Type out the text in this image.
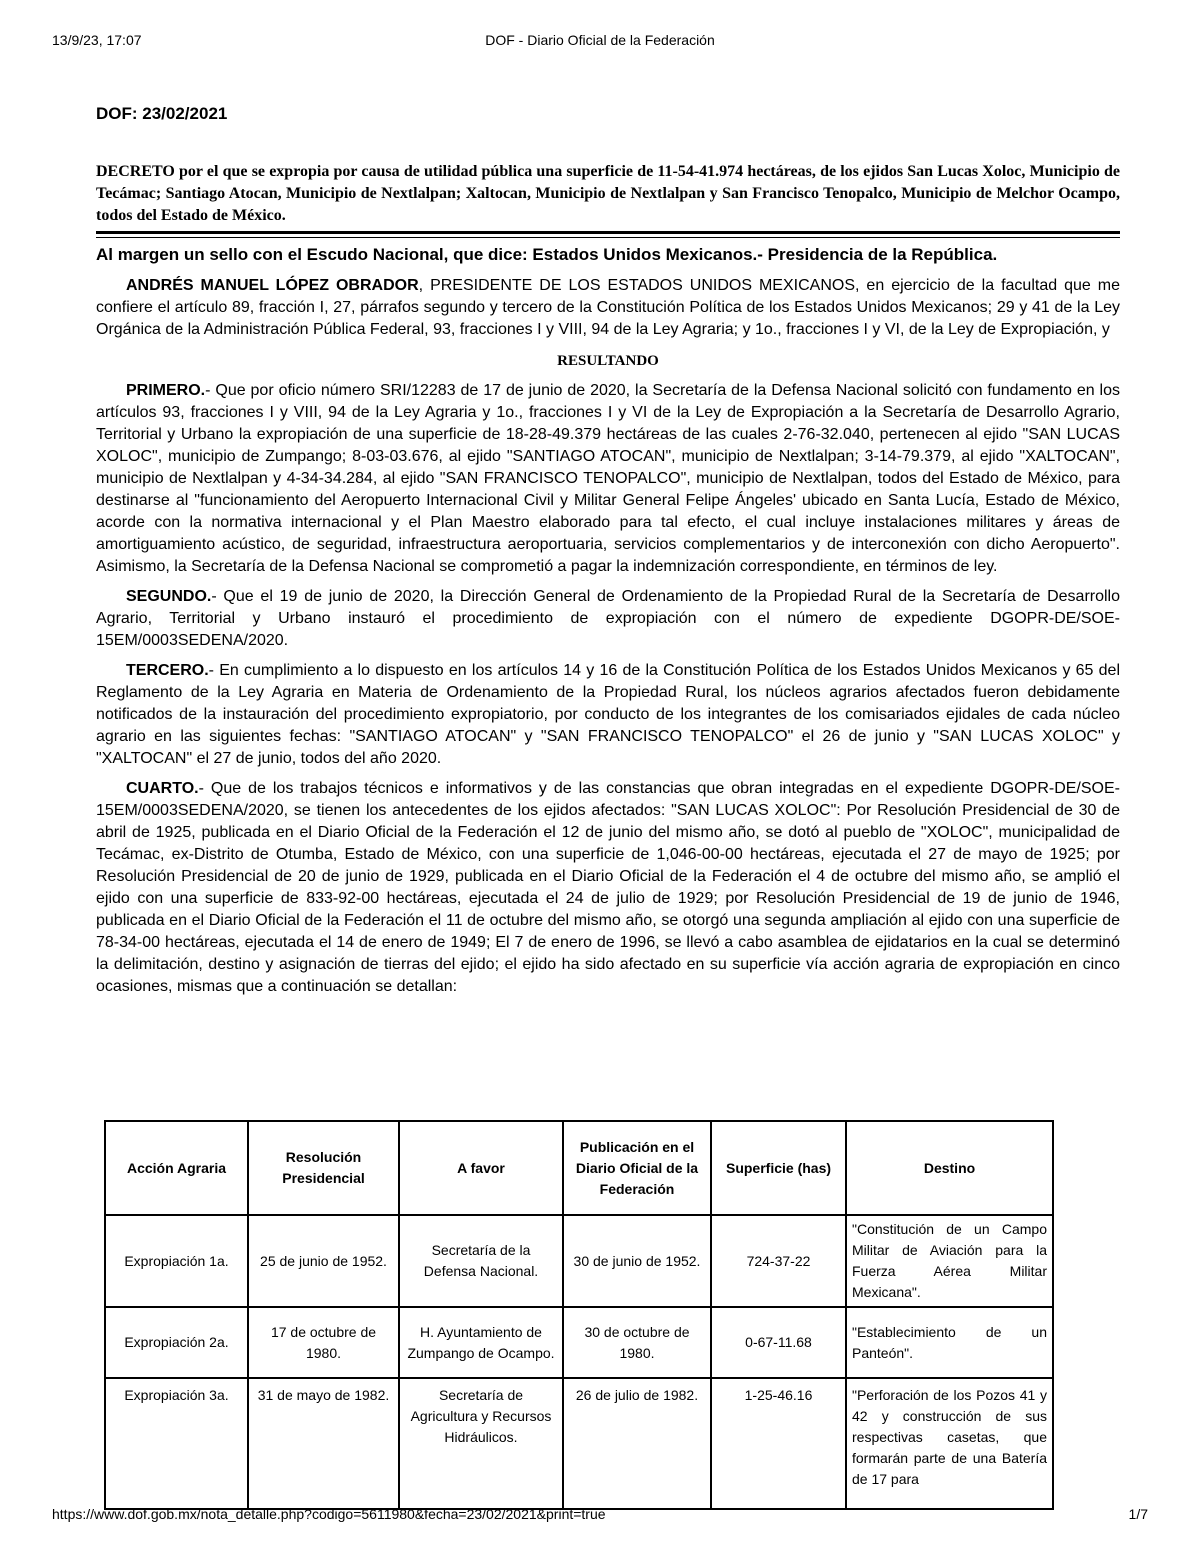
13/9/23, 17:07	DOF - Diario Oficial de la Federación

DOF: 23/02/2021

DECRETO por el que se expropia por causa de utilidad pública una superficie de 11-54-41.974 hectáreas, de los ejidos San Lucas Xoloc, Municipio de Tecámac; Santiago Atocan, Municipio de Nextlalpan; Xaltocan, Municipio de Nextlalpan y San Francisco Tenopalco, Municipio de Melchor Ocampo, todos del Estado de México.

Al margen un sello con el Escudo Nacional, que dice: Estados Unidos Mexicanos.- Presidencia de la República.

ANDRÉS MANUEL LÓPEZ OBRADOR, PRESIDENTE DE LOS ESTADOS UNIDOS MEXICANOS, en ejercicio de la facultad que me confiere el artículo 89, fracción I, 27, párrafos segundo y tercero de la Constitución Política de los Estados Unidos Mexicanos; 29 y 41 de la Ley Orgánica de la Administración Pública Federal, 93, fracciones I y VIII, 94 de la Ley Agraria; y 1o., fracciones I y VI, de la Ley de Expropiación, y

RESULTANDO

PRIMERO.- Que por oficio número SRI/12283 de 17 de junio de 2020, la Secretaría de la Defensa Nacional solicitó con fundamento en los artículos 93, fracciones I y VIII, 94 de la Ley Agraria y 1o., fracciones I y VI de la Ley de Expropiación a la Secretaría de Desarrollo Agrario, Territorial y Urbano la expropiación de una superficie de 18-28-49.379 hectáreas de las cuales 2-76-32.040, pertenecen al ejido "SAN LUCAS XOLOC", municipio de Zumpango; 8-03-03.676, al ejido "SANTIAGO ATOCAN", municipio de Nextlalpan; 3-14-79.379, al ejido "XALTOCAN", municipio de Nextlalpan y 4-34-34.284, al ejido "SAN FRANCISCO TENOPALCO", municipio de Nextlalpan, todos del Estado de México, para destinarse al "funcionamiento del Aeropuerto Internacional Civil y Militar General Felipe Ángeles' ubicado en Santa Lucía, Estado de México, acorde con la normativa internacional y el Plan Maestro elaborado para tal efecto, el cual incluye instalaciones militares y áreas de amortiguamiento acústico, de seguridad, infraestructura aeroportuaria, servicios complementarios y de interconexión con dicho Aeropuerto". Asimismo, la Secretaría de la Defensa Nacional se comprometió a pagar la indemnización correspondiente, en términos de ley.

SEGUNDO.- Que el 19 de junio de 2020, la Dirección General de Ordenamiento de la Propiedad Rural de la Secretaría de Desarrollo Agrario, Territorial y Urbano instauró el procedimiento de expropiación con el número de expediente DGOPR-DE/SOE-15EM/0003SEDENA/2020.

TERCERO.- En cumplimiento a lo dispuesto en los artículos 14 y 16 de la Constitución Política de los Estados Unidos Mexicanos y 65 del Reglamento de la Ley Agraria en Materia de Ordenamiento de la Propiedad Rural, los núcleos agrarios afectados fueron debidamente notificados de la instauración del procedimiento expropiatorio, por conducto de los integrantes de los comisariados ejidales de cada núcleo agrario en las siguientes fechas: "SANTIAGO ATOCAN" y "SAN FRANCISCO TENOPALCO" el 26 de junio y "SAN LUCAS XOLOC" y "XALTOCAN" el 27 de junio, todos del año 2020.

CUARTO.- Que de los trabajos técnicos e informativos y de las constancias que obran integradas en el expediente DGOPR-DE/SOE-15EM/0003SEDENA/2020, se tienen los antecedentes de los ejidos afectados: "SAN LUCAS XOLOC": Por Resolución Presidencial de 30 de abril de 1925, publicada en el Diario Oficial de la Federación el 12 de junio del mismo año, se dotó al pueblo de "XOLOC", municipalidad de Tecámac, ex-Distrito de Otumba, Estado de México, con una superficie de 1,046-00-00 hectáreas, ejecutada el 27 de mayo de 1925; por Resolución Presidencial de 20 de junio de 1929, publicada en el Diario Oficial de la Federación el 4 de octubre del mismo año, se amplió el ejido con una superficie de 833-92-00 hectáreas, ejecutada el 24 de julio de 1929; por Resolución Presidencial de 19 de junio de 1946, publicada en el Diario Oficial de la Federación el 11 de octubre del mismo año, se otorgó una segunda ampliación al ejido con una superficie de 78-34-00 hectáreas, ejecutada el 14 de enero de 1949; El 7 de enero de 1996, se llevó a cabo asamblea de ejidatarios en la cual se determinó la delimitación, destino y asignación de tierras del ejido; el ejido ha sido afectado en su superficie vía acción agraria de expropiación en cinco ocasiones, mismas que a continuación se detallan:

Acción Agraria	Resolución Presidencial	A favor	Publicación en el Diario Oficial de la Federación	Superficie (has)	Destino
Expropiación 1a.	25 de junio de 1952.	Secretaría de la Defensa Nacional.	30 de junio de 1952.	724-37-22	"Constitución de un Campo Militar de Aviación para la Fuerza Aérea Militar Mexicana".
Expropiación 2a.	17 de octubre de 1980.	H. Ayuntamiento de Zumpango de Ocampo.	30 de octubre de 1980.	0-67-11.68	"Establecimiento de un Panteón".
Expropiación 3a.	31 de mayo de 1982.	Secretaría de Agricultura y Recursos Hidráulicos.	26 de julio de 1982.	1-25-46.16	"Perforación de los Pozos 41 y 42 y construcción de sus respectivas casetas, que formarán parte de una Batería de 17 para
https://www.dof.gob.mx/nota_detalle.php?codigo=5611980&fecha=23/02/2021&print=true	1/7
